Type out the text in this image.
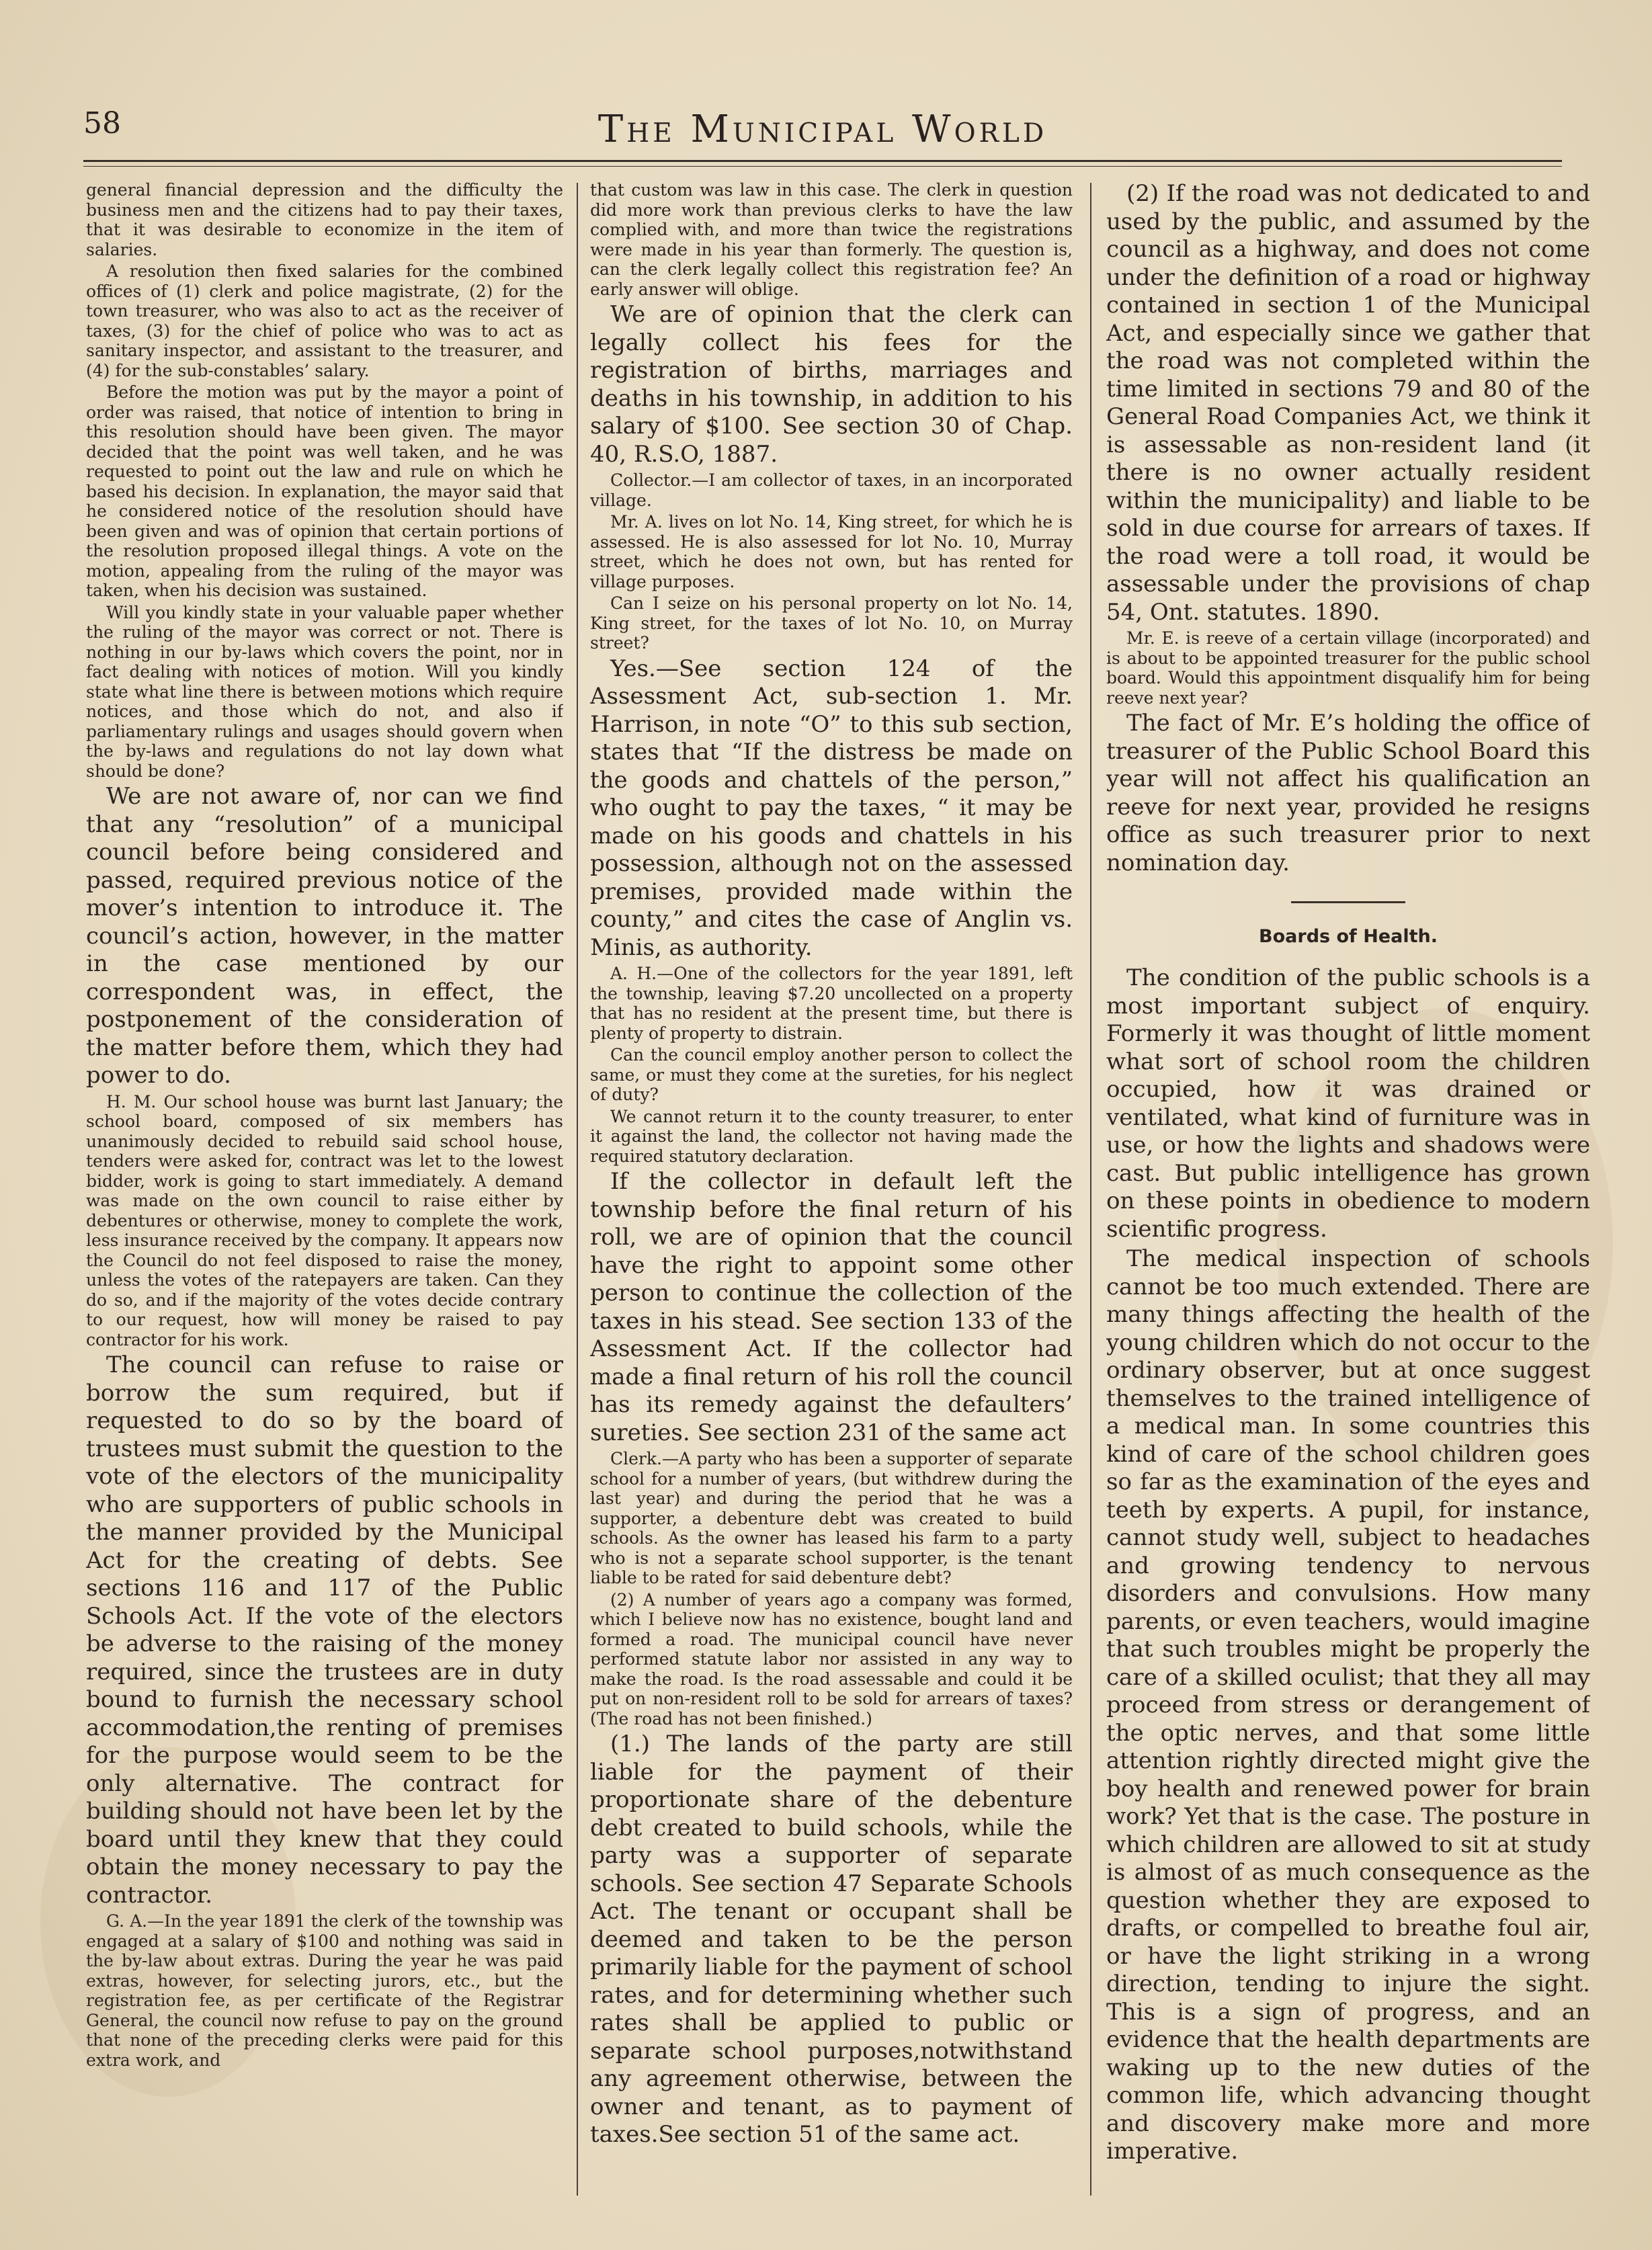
58	The Municipal World

general financial depression and the difficulty the business men and the citizens had to pay their taxes, that it was desirable to economize in the item of salaries.

A resolution then fixed salaries for the combined offices of (1) clerk and police magistrate, (2) for the town treasurer, who was also to act as the receiver of taxes, (3) for the chief of police who was to act as sanitary inspector, and assistant to the treasurer, and (4) for the sub-constables’ salary.

Before the motion was put by the mayor a point of order was raised, that notice of intention to bring in this resolution should have been given. The mayor decided that the point was well taken, and he was requested to point out the law and rule on which he based his decision. In explanation, the mayor said that he considered notice of the resolution should have been given and was of opinion that certain portions of the resolution proposed illegal things. A vote on the motion, appealing from the ruling of the mayor was taken, when his decision was sustained.

Will you kindly state in your valuable paper whether the ruling of the mayor was correct or not. There is nothing in our by-laws which covers the point, nor in fact dealing with notices of motion. Will you kindly state what line there is between motions which require notices, and those which do not, and also if parliamentary rulings and usages should govern when the by-laws and regulations do not lay down what should be done?

We are not aware of, nor can we find that any “resolution” of a municipal council before being considered and passed, required previous notice of the mover’s intention to introduce it. The council’s action, however, in the matter in the case mentioned by our correspondent was, in effect, the postponement of the consideration of the matter before them, which they had power to do.

H. M. Our school house was burnt last January; the school board, composed of six members has unanimously decided to rebuild said school house, tenders were asked for, contract was let to the lowest bidder, work is going to start immediately. A demand was made on the own council to raise either by debentures or otherwise, money to complete the work, less insurance received by the company. It appears now the Council do not feel disposed to raise the money, unless the votes of the ratepayers are taken. Can they do so, and if the majority of the votes decide contrary to our request, how will money be raised to pay contractor for his work.

The council can refuse to raise or borrow the sum required, but if requested to do so by the board of trustees must submit the question to the vote of the electors of the municipality who are supporters of public schools in the manner provided by the Municipal Act for the creating of debts. See sections 116 and 117 of the Public Schools Act. If the vote of the electors be adverse to the raising of the money required, since the trustees are in duty bound to furnish the necessary school accommodation,the renting of premises for the purpose would seem to be the only alternative. The contract for building should not have been let by the board until they knew that they could obtain the money necessary to pay the contractor.

G. A.—In the year 1891 the clerk of the township was engaged at a salary of $100 and nothing was said in the by-law about extras. During the year he was paid extras, however, for selecting jurors, etc., but the registration fee, as per certificate of the Registrar General, the council now refuse to pay on the ground that none of the preceding clerks were paid for this extra work, and

that custom was law in this case. The clerk in question did more work than previous clerks to have the law complied with, and more than twice the registrations were made in his year than formerly. The question is, can the clerk legally collect this registration fee? An early answer will oblige.

We are of opinion that the clerk can legally collect his fees for the registration of births, marriages and deaths in his township, in addition to his salary of $100. See section 30 of Chap. 40, R.S.O, 1887.

Collector.—I am collector of taxes, in an incorporated village.

Mr. A. lives on lot No. 14, King street, for which he is assessed. He is also assessed for lot No. 10, Murray street, which he does not own, but has rented for village purposes.

Can I seize on his personal property on lot No. 14, King street, for the taxes of lot No. 10, on Murray street?

Yes.—See section 124 of the Assessment Act, sub-section 1. Mr. Harrison, in note “O” to this sub section, states that “If the distress be made on the goods and chattels of the person,” who ought to pay the taxes, “ it may be made on his goods and chattels in his possession, although not on the assessed premises, provided made within the county,” and cites the case of Anglin vs. Minis, as authority.

A. H.—One of the collectors for the year 1891, left the township, leaving $7.20 uncollected on a property that has no resident at the present time, but there is plenty of property to distrain.

Can the council employ another person to collect the same, or must they come at the sureties, for his neglect of duty?

We cannot return it to the county treasurer, to enter it against the land, the collector not having made the required statutory declaration.

If the collector in default left the township before the final return of his roll, we are of opinion that the council have the right to appoint some other person to continue the collection of the taxes in his stead. See section 133 of the Assessment Act. If the collector had made a final return of his roll the council has its remedy against the defaulters’ sureties. See section 231 of the same act

Clerk.—A party who has been a supporter of separate school for a number of years, (but withdrew during the last year) and during the period that he was a supporter, a debenture debt was created to build schools. As the owner has leased his farm to a party who is not a separate school supporter, is the tenant liable to be rated for said debenture debt?

(2) A number of years ago a company was formed, which I believe now has no existence, bought land and formed a road. The municipal council have never performed statute labor nor assisted in any way to make the road. Is the road assessable and could it be put on non-resident roll to be sold for arrears of taxes? (The road has not been finished.)

(1.) The lands of the party are still liable for the payment of their proportionate share of the debenture debt created to build schools, while the party was a supporter of separate schools. See section 47 Separate Schools Act. The tenant or occupant shall be deemed and taken to be the person primarily liable for the payment of school rates, and for determining whether such rates shall be applied to public or separate school purposes,notwithstand any agreement otherwise, between the owner and tenant, as to payment of taxes.See section 51 of the same act.

(2) If the road was not dedicated to and used by the public, and assumed by the council as a highway, and does not come under the definition of a road or highway contained in section 1 of the Municipal Act, and especially since we gather that the road was not completed within the time limited in sections 79 and 80 of the General Road Companies Act, we think it is assessable as non-resident land (it there is no owner actually resident within the municipality) and liable to be sold in due course for arrears of taxes. If the road were a toll road, it would be assessable under the provisions of chap 54, Ont. statutes. 1890.

Mr. E. is reeve of a certain village (incorporated) and is about to be appointed treasurer for the public school board. Would this appointment disqualify him for being reeve next year?

The fact of Mr. E’s holding the office of treasurer of the Public School Board this year will not affect his qualification an reeve for next year, provided he resigns office as such treasurer prior to next nomination day.

Boards of Health.

The condition of the public schools is a most important subject of enquiry. Formerly it was thought of little moment what sort of school room the children occupied, how it was drained or ventilated, what kind of furniture was in use, or how the lights and shadows were cast. But public intelligence has grown on these points in obedience to modern scientific progress.

The medical inspection of schools cannot be too much extended. There are many things affecting the health of the young children which do not occur to the ordinary observer, but at once suggest themselves to the trained intelligence of a medical man. In some countries this kind of care of the school children goes so far as the examination of the eyes and teeth by experts. A pupil, for instance, cannot study well, subject to headaches and growing tendency to nervous disorders and convulsions. How many parents, or even teachers, would imagine that such troubles might be properly the care of a skilled oculist; that they all may proceed from stress or derangement of the optic nerves, and that some little attention rightly directed might give the boy health and renewed power for brain work? Yet that is the case. The posture in which children are allowed to sit at study is almost of as much consequence as the question whether they are exposed to drafts, or compelled to breathe foul air, or have the light striking in a wrong direction, tending to injure the sight. This is a sign of progress, and an evidence that the health departments are waking up to the new duties of the common life, which advancing thought and discovery make more and more imperative.
